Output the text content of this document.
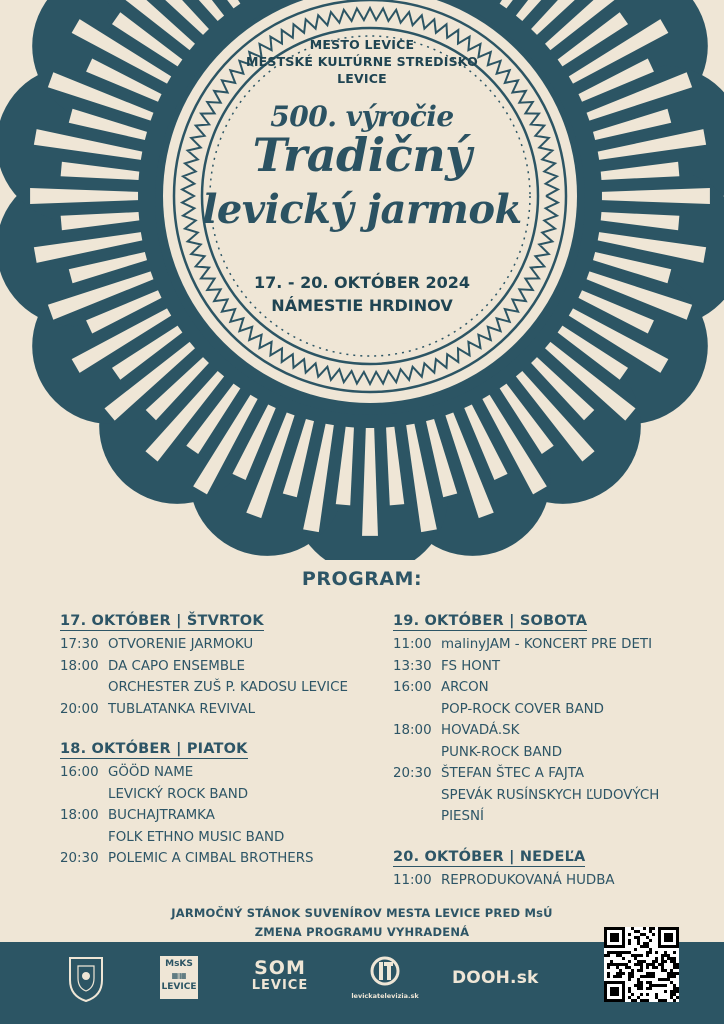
MESTO LEVICE
MESTSKÉ KULTÚRNE STREDISKO
LEVICE
500. výročie
Tradičný
levický jarmok
17. - 20. OKTÓBER 2024
NÁMESTIE HRDINOV
PROGRAM:
17. OKTÓBER | ŠTVRTOK
17:30 OTVORENIE JARMOKU
18:00 DA CAPO ENSEMBLE
ORCHESTER ZUŠ P. KADOSU LEVICE
20:00 TUBLATANKA REVIVAL
18. OKTÓBER | PIATOK
16:00 GÖÖD NAME
LEVICKÝ ROCK BAND
18:00 BUCHAJTRAMKA
FOLK ETHNO MUSIC BAND
20:30 POLEMIC A CIMBAL BROTHERS
19. OKTÓBER | SOBOTA
11:00 malinyJAM - KONCERT PRE DETI
13:30 FS HONT
16:00 ARCON
POP-ROCK COVER BAND
18:00 HOVADÁ.SK
PUNK-ROCK BAND
20:30 ŠTEFAN ŠTEC A FAJTA
SPEVÁK RUSÍNSKYCH ĽUDOVÝCH
PIESNÍ
20. OKTÓBER | NEDEĽA
11:00 REPRODUKOVANÁ HUDBA
JARMOČNÝ STÁNOK SUVENÍROV MESTA LEVICE PRED MsÚ
ZMENA PROGRAMU VYHRADENÁ
MsKS
▦▦
LEVICE
SOM
LEVICE
levickatelevizia.sk
DOOH.sk
